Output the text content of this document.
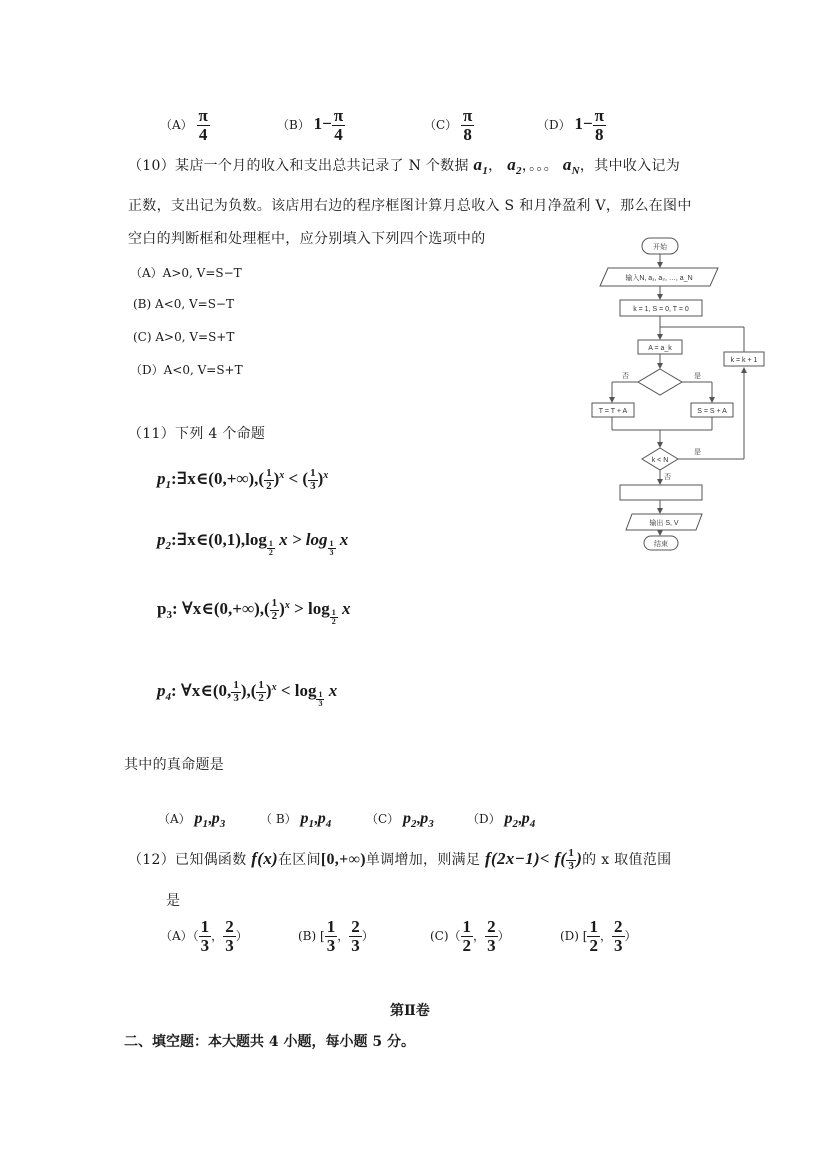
$(A) \frac{\pi}{4}$	（B） $1- \frac{\pi}{4}$	$(C) \frac{\pi}{8}$	（D） $1- \frac{\pi}{8}$
（10）某店一个月的收入和支出总共记录了 N 个数据 $a_1$， $a_2$，。。。 $a_N$，其中收入记为
正数，支出记为负数。该店用右边的程序框图计算月总收入 S 和月净盈利 V，那么在图中
空白的判断框和处理框中，应分别填入下列四个选项中的
（A）A>0, V=S−T
(B) A<0, V=S−T
(C) A>0, V=S+T
（D）A<0, V=S+T
开始
输入N, a₁, a₂, …, a_N
k = 1, S = 0, T = 0
A = a_k
否	是
T = T + A	S = S + A
k < N
是
k = k + 1
否
输出 S, V
结束
（11）下列 4 个命题
$p_1:\exists x\in(0,+\infty),( \frac{1}{2} )^x$ < ( $\frac{1}{3} )^x$
$p_2:\exists x\in(0,1),\log \frac{1}{2}$ $x > \log \frac{1}{3}$ x
$p_3$: ∀x∈(0,+∞),( $\frac{1}{2} )^x > \log \frac{1}{2}$ x
$p_4$: ∀x∈(0, $\frac{1}{3}$ ),( $\frac{1}{2} )^x < \log \frac{1}{3}$ x
其中的真命题是
（A） p1,p3	（ B） p1,p4	（C） p2,p3	（D） p2,p4
（12）已知偶函数 f(x)在区间[0,+∞)单调增加，则满足 $f(2x-1)< f( \frac{1}{3}$ )的 x 取值范围
是
$(A)( \frac{1}{3}$ ， $\frac{2}{3}$ ）	(B) [ $\frac{1}{3}$ ， $\frac{2}{3}$ ）	$(C)( \frac{1}{2}$ ， $\frac{2}{3}$ ）	(D) [ $\frac{1}{2}$ ， $\frac{2}{3}$ ）
第Ⅱ卷
二、填空题：本大题共 4 小题，每小题 5 分。
